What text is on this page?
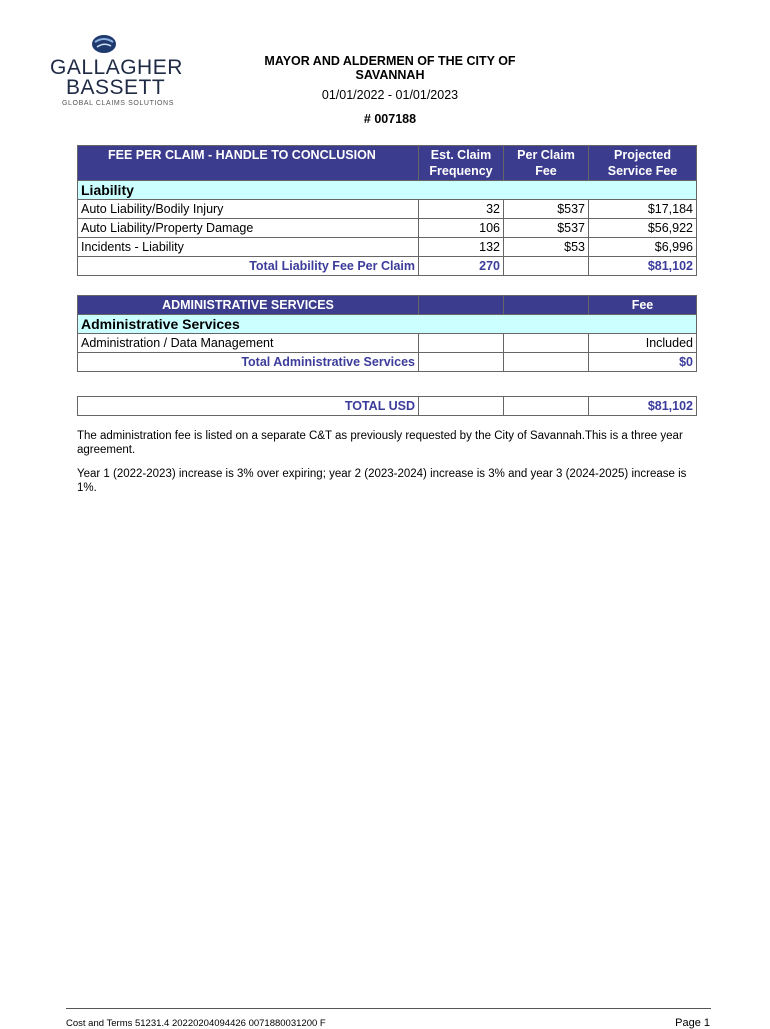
GALLAGHER
BASSETT
GLOBAL CLAIMS SOLUTIONS
MAYOR AND ALDERMEN OF THE CITY OF SAVANNAH
01/01/2022 - 01/01/2023
# 007188
FEE PER CLAIM - HANDLE TO CONCLUSION	Est. Claim Frequency	Per Claim Fee	Projected Service Fee
Liability			
Auto Liability/Bodily Injury	32	$537	$17,184
Auto Liability/Property Damage	106	$537	$56,922
Incidents - Liability	132	$53	$6,996
Total Liability Fee Per Claim	270		$81,102
ADMINISTRATIVE SERVICES			Fee
Administrative Services			
Administration / Data Management			Included
Total Administrative Services			$0
TOTAL USD			$81,102
The administration fee is listed on a separate C&T as previously requested by the City of Savannah.This is a three year agreement.
Year 1 (2022-2023) increase is 3% over expiring; year 2 (2023-2024) increase is 3% and year 3 (2024-2025) increase is 1%.
Cost and Terms 51231.4 20220204094426 0071880031200 F	Page 1
